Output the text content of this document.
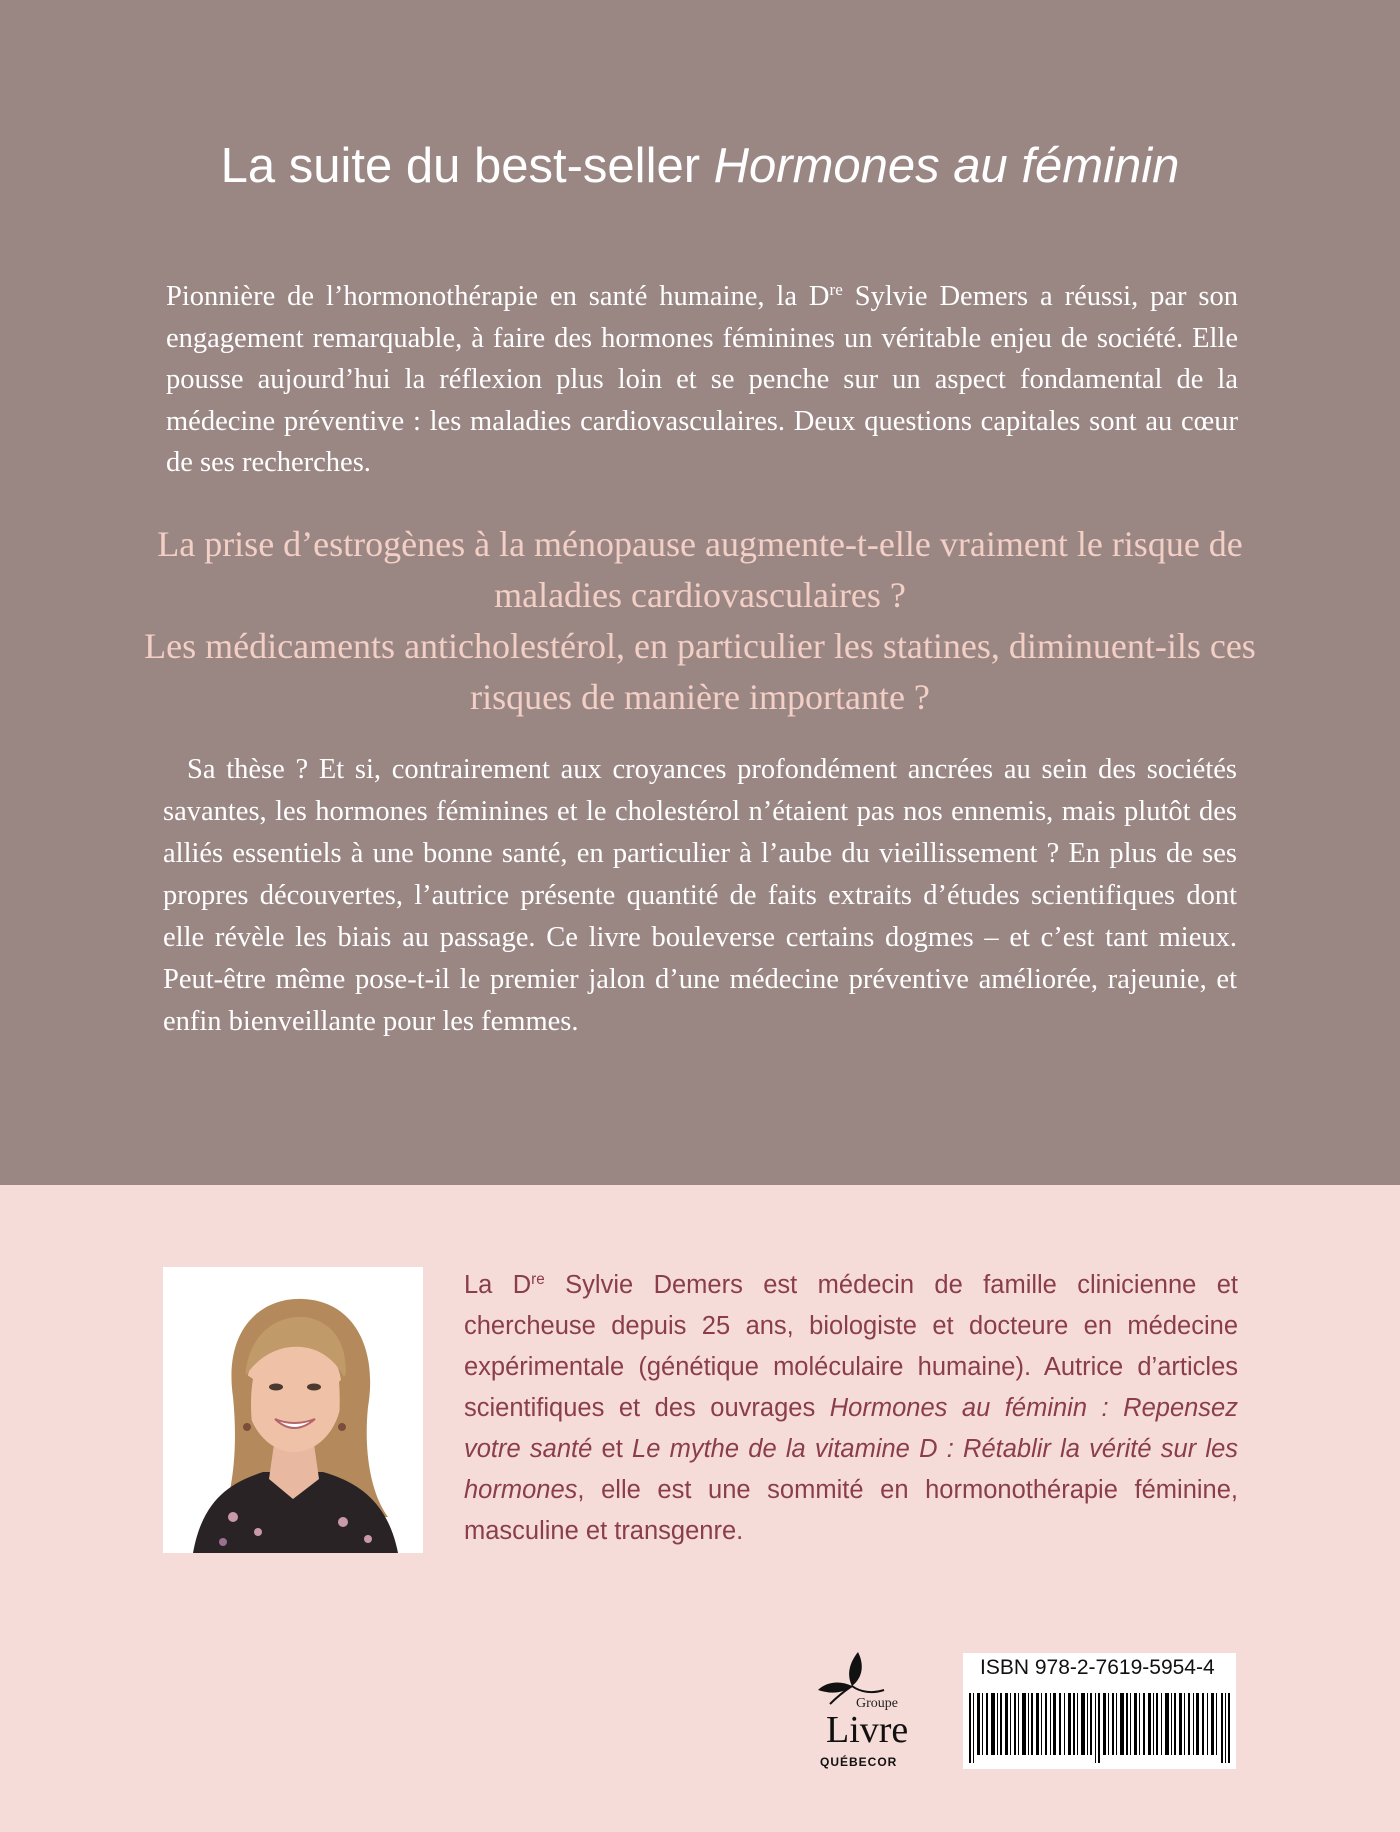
La suite du best-seller Hormones au féminin

Pionnière de l’hormonothérapie en santé humaine, la Dre Sylvie Demers a réussi, par son engagement remarquable, à faire des hormones féminines un véritable enjeu de société. Elle pousse aujourd’hui la réflexion plus loin et se penche sur un aspect fondamental de la médecine préventive : les maladies cardiovasculaires. Deux questions capitales sont au cœur de ses recherches.

La prise d’estrogènes à la ménopause augmente-t-elle vraiment le risque de maladies cardiovasculaires ?
Les médicaments anticholestérol, en particulier les statines, diminuent-ils ces risques de manière importante ?

Sa thèse ? Et si, contrairement aux croyances profondément ancrées au sein des sociétés savantes, les hormones féminines et le cholestérol n’étaient pas nos ennemis, mais plutôt des alliés essentiels à une bonne santé, en particulier à l’aube du vieillissement ? En plus de ses propres découvertes, l’autrice présente quantité de faits extraits d’études scientifiques dont elle révèle les biais au passage. Ce livre bouleverse certains dogmes – et c’est tant mieux. Peut-être même pose-t-il le premier jalon d’une médecine préventive améliorée, rajeunie, et enfin bienveillante pour les femmes.

La Dre Sylvie Demers est médecin de famille clinicienne et chercheuse depuis 25 ans, biologiste et docteure en médecine expérimentale (génétique moléculaire humaine). Autrice d’articles scientifiques et des ouvrages Hormones au féminin : Repensez votre santé et Le mythe de la vitamine D : Rétablir la vérité sur les hormones, elle est une sommité en hormonothérapie féminine, masculine et transgenre.

Groupe
Livre
QUÉBECOR

ISBN 978-2-7619-5954-4
